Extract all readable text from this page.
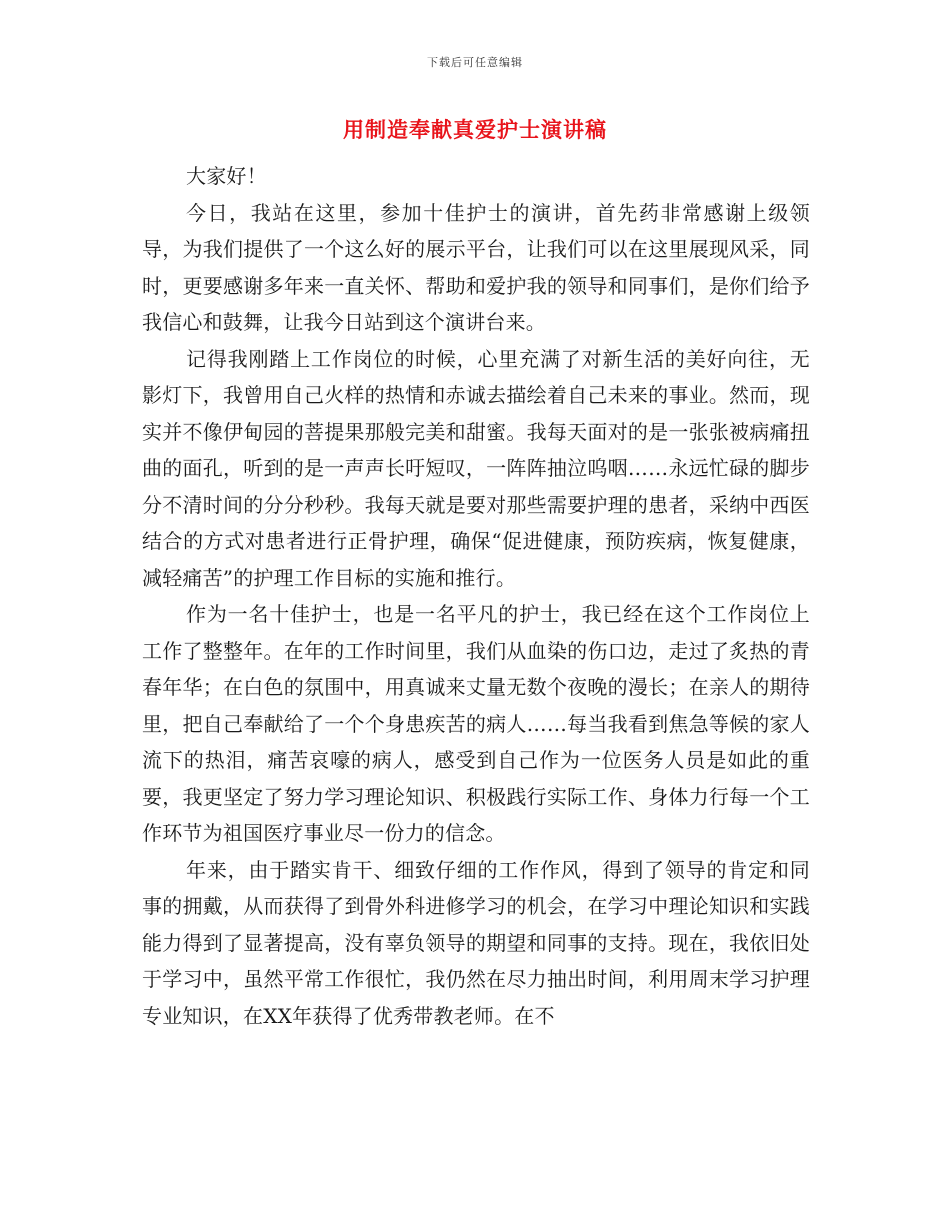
下载后可任意编辑
用制造奉献真爱护士演讲稿

大家好！

今日，我站在这里，参加十佳护士的演讲，首先药非常感谢上级领导，为我们提供了一个这么好的展示平台，让我们可以在这里展现风采，同时，更要感谢多年来一直关怀、帮助和爱护我的领导和同事们，是你们给予我信心和鼓舞，让我今日站到这个演讲台来。

记得我刚踏上工作岗位的时候，心里充满了对新生活的美好向往，无影灯下，我曾用自己火样的热情和赤诚去描绘着自己未来的事业。然而，现实并不像伊甸园的菩提果那般完美和甜蜜。我每天面对的是一张张被病痛扭曲的面孔，听到的是一声声长吁短叹，一阵阵抽泣呜咽……永远忙碌的脚步分不清时间的分分秒秒。我每天就是要对那些需要护理的患者，采纳中西医结合的方式对患者进行正骨护理，确保“促进健康，预防疾病，恢复健康，减轻痛苦”的护理工作目标的实施和推行。

作为一名十佳护士，也是一名平凡的护士，我已经在这个工作岗位上工作了整整年。在年的工作时间里，我们从血染的伤口边，走过了炙热的青春年华；在白色的氛围中，用真诚来丈量无数个夜晚的漫长；在亲人的期待里，把自己奉献给了一个个身患疾苦的病人……每当我看到焦急等候的家人流下的热泪，痛苦哀嚎的病人，感受到自己作为一位医务人员是如此的重要，我更坚定了努力学习理论知识、积极践行实际工作、身体力行每一个工作环节为祖国医疗事业尽一份力的信念。

年来，由于踏实肯干、细致仔细的工作作风，得到了领导的肯定和同事的拥戴，从而获得了到骨外科进修学习的机会，在学习中理论知识和实践能力得到了显著提高，没有辜负领导的期望和同事的支持。现在，我依旧处于学习中，虽然平常工作很忙，我仍然在尽力抽出时间，利用周末学习护理专业知识，在XX年获得了优秀带教老师。在不
